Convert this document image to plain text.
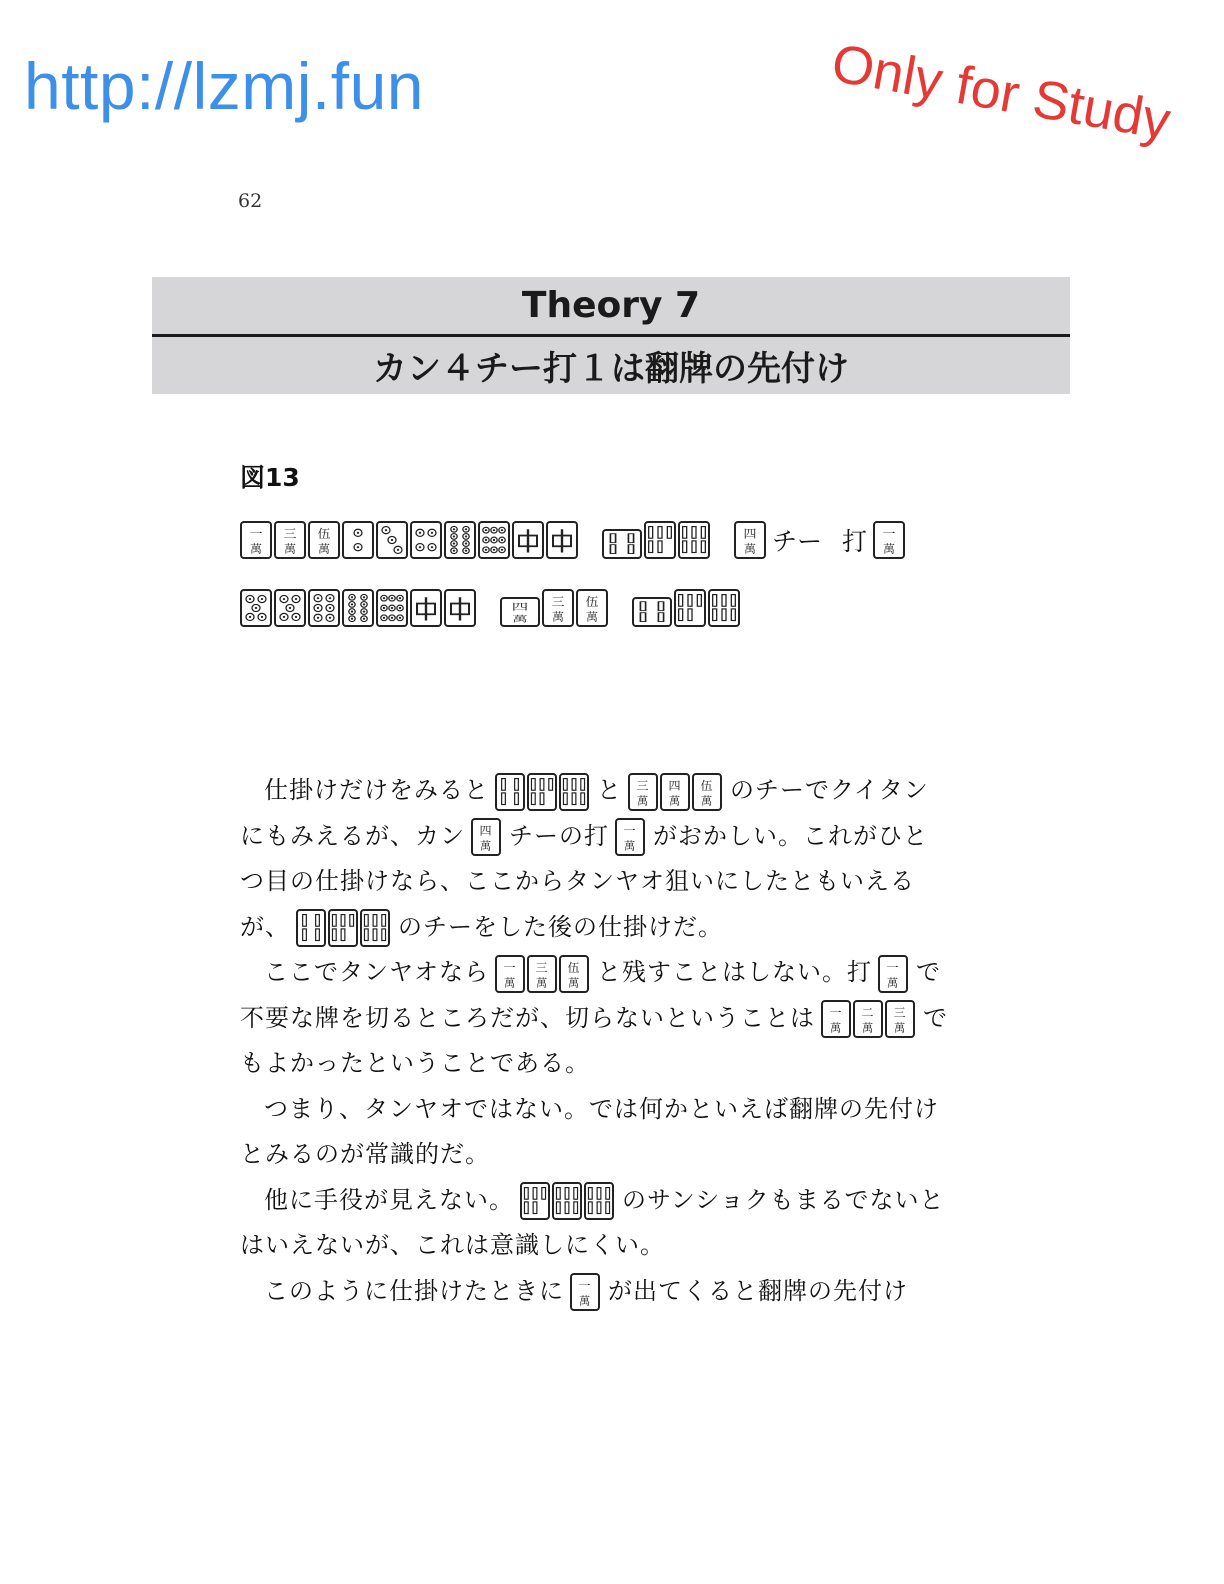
http://lzmj.fun	Only for Study
62
Theory 7
カン４チー打１は翻牌の先付け
図13
一
萬
三
萬
伍
萬
四
萬 チー 打 一
萬
四
萬
三
萬
伍
萬

仕掛けだけをみると	と 三
萬
四
萬
伍
萬 のチーでクイタンにもみえるが、カン 四
萬 チーの打 一
萬 がおかしい。これがひとつ目の仕掛けなら、ここからタンヤオ狙いにしたともいえるが、	のチーをした後の仕掛けだ。

ここでタンヤオなら 一
萬
三
萬
伍
萬 と残すことはしない。打 一
萬 で不要な牌を切るところだが、切らないということは 一
萬
二
萬
三
萬 でもよかったということである。

つまり、タンヤオではない。では何かといえば翻牌の先付けとみるのが常識的だ。

他に手役が見えない。	のサンショクもまるでないとはいえないが、これは意識しにくい。

このように仕掛けたときに 一
萬 が出てくると翻牌の先付け
